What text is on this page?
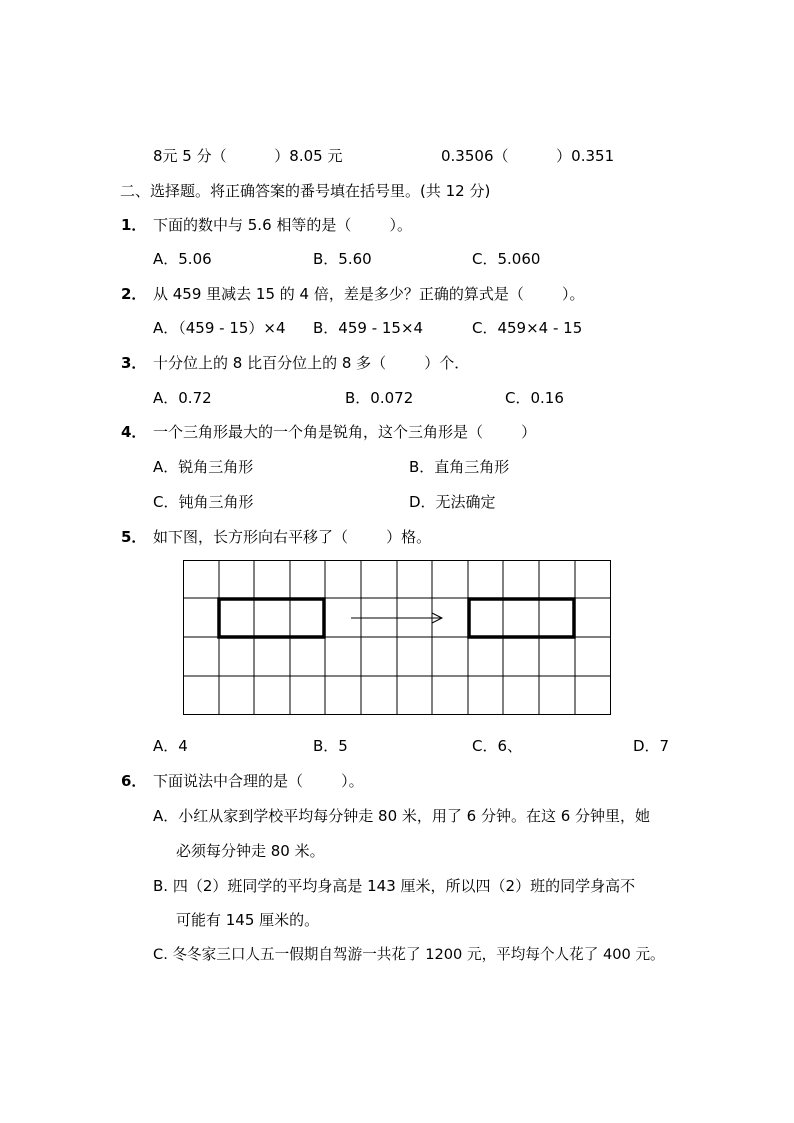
8元 5 分（          ）8.05 元	0.3506（          ）0.351
二、选择题。将正确答案的番号填在括号里。(共 12 分)
1． 下面的数中与 5.6 相等的是（        ）。
A．5.06	B．5.60	C．5.060
2． 从 459 里减去 15 的 4 倍，差是多少？正确的算式是（        ）。
A．（459 - 15）×4 B．459 - 15×4	C．459×4 - 15
3． 十分位上的 8 比百分位上的 8 多（        ）个．
A．0.72	B．0.072	C．0.16
4． 一个三角形最大的一个角是锐角，这个三角形是（        ）
A．锐角三角形	B．直角三角形
C．钝角三角形	D．无法确定
5． 如下图，长方形向右平移了（        ）格。
A．4	B．5	C．6、	D．7
6． 下面说法中合理的是（        ）。
A．小红从家到学校平均每分钟走 80 米，用了 6 分钟。在这 6 分钟里，她
必须每分钟走 80 米。
B. 四（2）班同学的平均身高是 143 厘米，所以四（2）班的同学身高不
可能有 145 厘米的。
C. 冬冬家三口人五一假期自驾游一共花了 1200 元，平均每个人花了 400 元。
